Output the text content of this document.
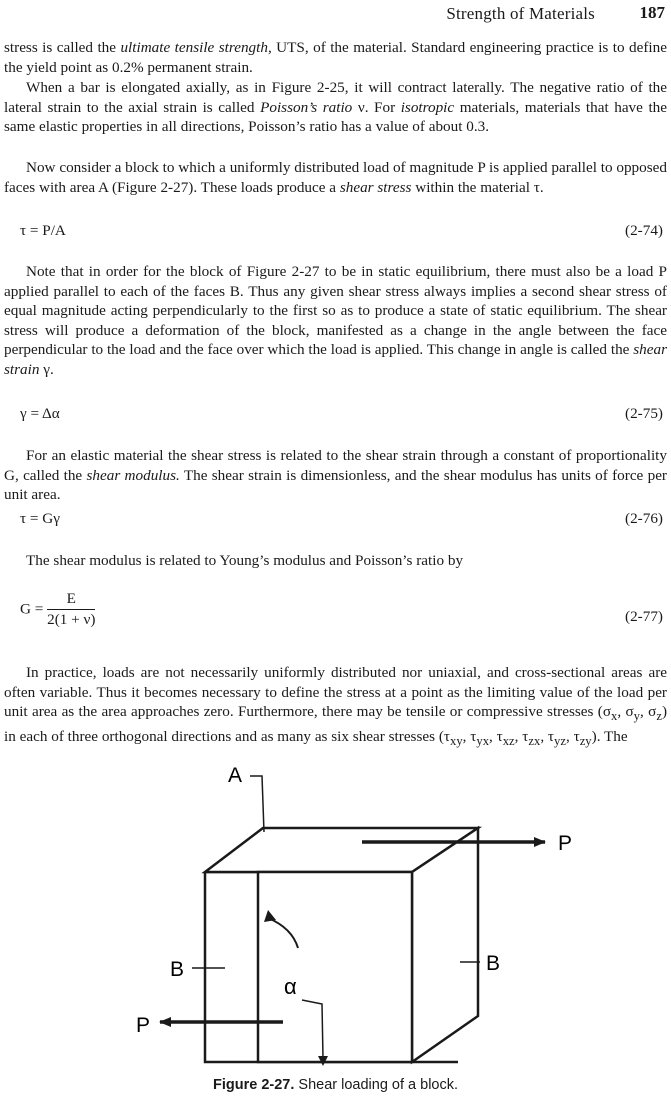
Strength of Materials	187
stress is called the ultimate tensile strength, UTS, of the material. Standard engineering practice is to define the yield point as 0.2% permanent strain.
When a bar is elongated axially, as in Figure 2-25, it will contract laterally. The negative ratio of the lateral strain to the axial strain is called Poisson’s ratio ν. For isotropic materials, materials that have the same elastic properties in all directions, Poisson’s ratio has a value of about 0.3.
Now consider a block to which a uniformly distributed load of magnitude P is applied parallel to opposed faces with area A (Figure 2-27). These loads produce a shear stress within the material τ.
τ = P/A	(2-74)
Note that in order for the block of Figure 2-27 to be in static equilibrium, there must also be a load P applied parallel to each of the faces B. Thus any given shear stress always implies a second shear stress of equal magnitude acting perpendicularly to the first so as to produce a state of static equilibrium. The shear stress will produce a deformation of the block, manifested as a change in the angle between the face perpendicular to the load and the face over which the load is applied. This change in angle is called the shear strain γ.
γ = Δα	(2-75)
For an elastic material the shear stress is related to the shear strain through a constant of proportionality G, called the shear modulus. The shear strain is dimensionless, and the shear modulus has units of force per unit area.
τ = Gγ	(2-76)
The shear modulus is related to Young’s modulus and Poisson’s ratio by
$G = \frac{E}{2(1 + \nu)}$	(2-77)
In practice, loads are not necessarily uniformly distributed nor uniaxial, and cross-sectional areas are often variable. Thus it becomes necessary to define the stress at a point as the limiting value of the load per unit area as the area approaches zero. Furthermore, there may be tensile or compressive stresses ($\sigma_x$, $\sigma_y$, $\sigma_z$) in each of three orthogonal directions and as many as six shear stresses ($\tau_{xy}$, $\tau_{yx}$, $\tau_{xz}$, $\tau_{zx}$, $\tau_{yz}$, $\tau_{zy}$). The
A
B	B
P
P
α
Figure 2-27. Shear loading of a block.
